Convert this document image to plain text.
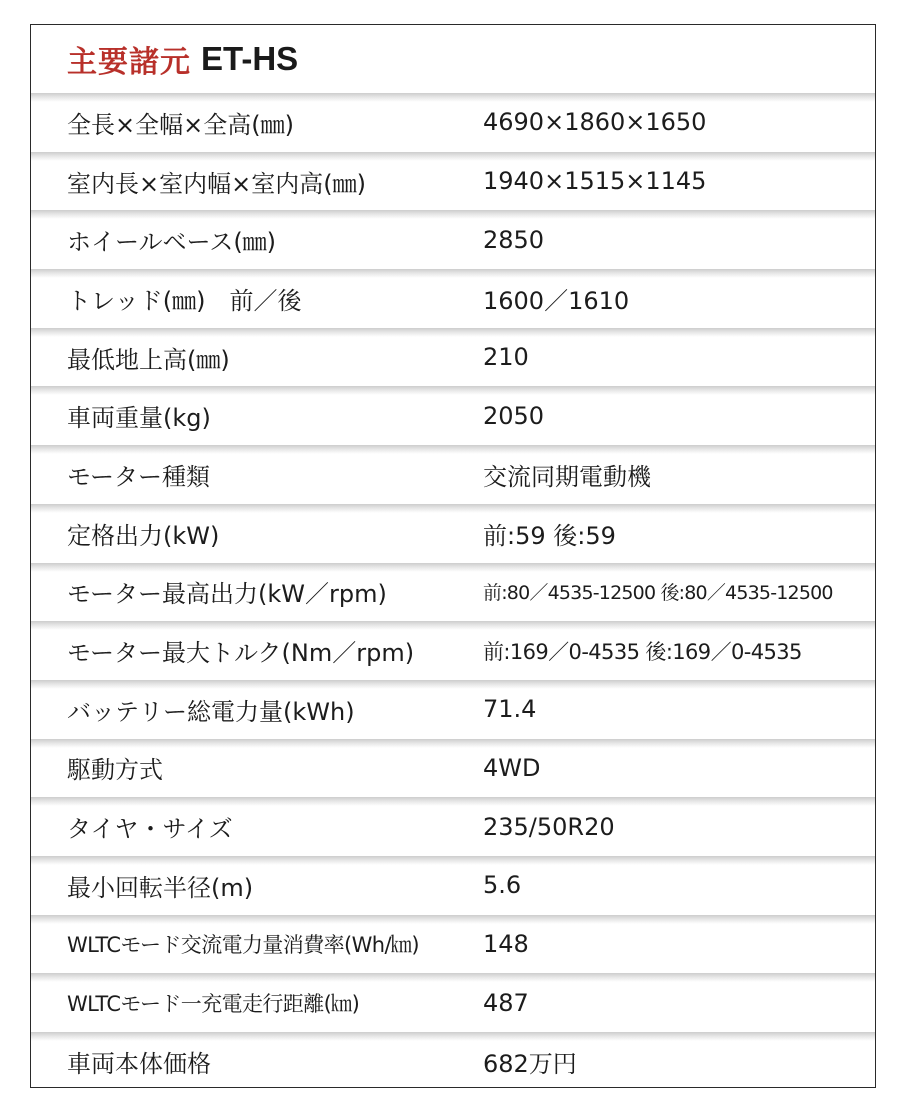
主要諸元 ET-HS
全長×全幅×全高(㎜)	4690×1860×1650
室内長×室内幅×室内高(㎜)	1940×1515×1145
ホイールベース(㎜)	2850
トレッド(㎜)　前／後	1600／1610
最低地上高(㎜)	210
車両重量(kg)	2050
モーター種類	交流同期電動機
定格出力(kW)	前:59 後:59
モーター最高出力(kW／rpm)	前:80／4535-12500 後:80／4535-12500
モーター最大トルク(Nm／rpm)	前:169／0-4535 後:169／0-4535
バッテリー総電力量(kWh)	71.4
駆動方式	4WD
タイヤ・サイズ	235/50R20
最小回転半径(m)	5.6
WLTCモード交流電力量消費率(Wh/㎞)	148
WLTCモード一充電走行距離(㎞)	487
車両本体価格	682万円
